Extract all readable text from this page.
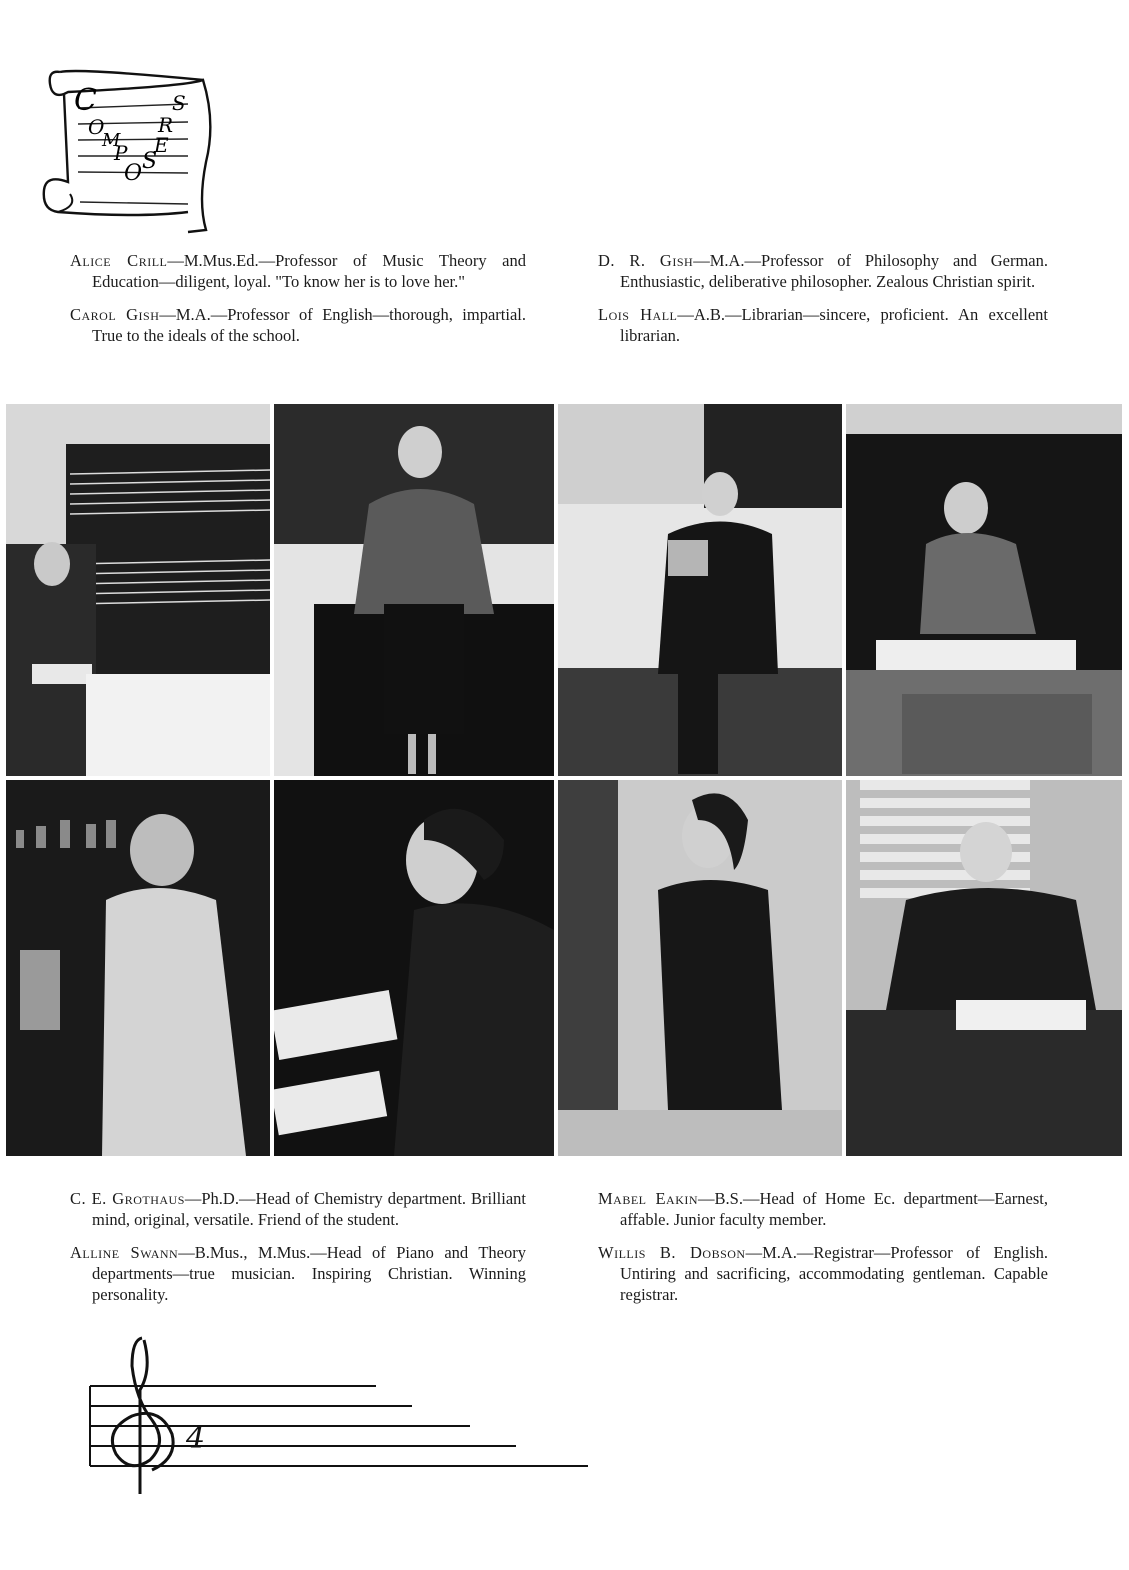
C
O
M
P
O S
E
R
S

Alice Crill—M.Mus.Ed.—Professor of Music Theory and Education—diligent, loyal. "To know her is to love her."

Carol Gish—M.A.—Professor of English—thorough, impartial. True to the ideals of the school.

D. R. Gish—M.A.—Professor of Philosophy and German. Enthusiastic, deliberative philosopher. Zealous Christian spirit.

Lois Hall—A.B.—Librarian—sincere, proficient. An excellent librarian.

C. E. Grothaus—Ph.D.—Head of Chemistry department. Brilliant mind, original, versatile. Friend of the student.

Alline Swann—B.Mus., M.Mus.—Head of Piano and Theory departments—true musician. Inspiring Christian. Winning personality.

Mabel Eakin—B.S.—Head of Home Ec. department—Earnest, affable. Junior faculty member.

Willis B. Dobson—M.A.—Registrar—Professor of English. Untiring and sacrificing, accommodating gentleman. Capable registrar.

4
